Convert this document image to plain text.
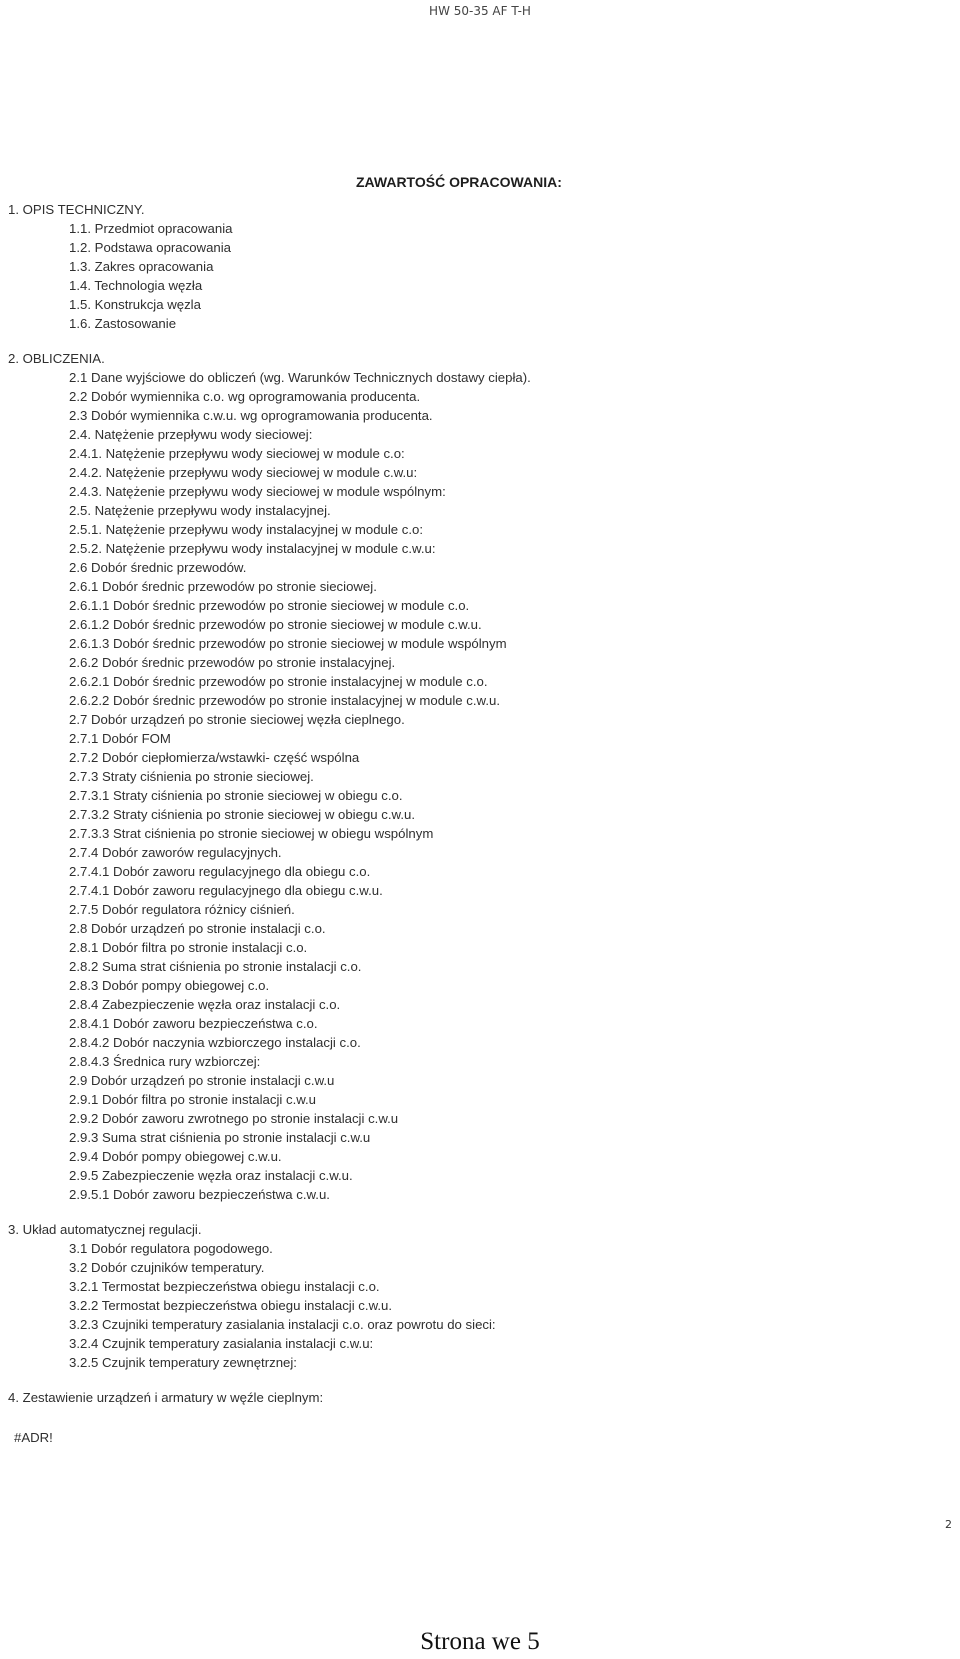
HW 50-35 AF T-H
ZAWARTOŚĆ OPRACOWANIA:
1. OPIS TECHNICZNY.
1.1. Przedmiot opracowania
1.2. Podstawa opracowania
1.3. Zakres opracowania
1.4. Technologia węzła
1.5. Konstrukcja węzla
1.6. Zastosowanie
2. OBLICZENIA.
2.1 Dane wyjściowe do obliczeń (wg. Warunków Technicznych dostawy ciepła).
2.2 Dobór wymiennika c.o. wg oprogramowania producenta.
2.3 Dobór wymiennika c.w.u. wg oprogramowania producenta.
2.4. Natężenie przepływu wody sieciowej:
2.4.1. Natężenie przepływu wody sieciowej w module c.o:
2.4.2. Natężenie przepływu wody sieciowej w module c.w.u:
2.4.3. Natężenie przepływu wody sieciowej w module wspólnym:
2.5. Natężenie przepływu wody instalacyjnej.
2.5.1. Natężenie przepływu wody instalacyjnej w module c.o:
2.5.2. Natężenie przepływu wody instalacyjnej w module c.w.u:
2.6 Dobór średnic przewodów.
2.6.1 Dobór średnic przewodów po stronie sieciowej.
2.6.1.1 Dobór średnic przewodów po stronie sieciowej w module c.o.
2.6.1.2 Dobór średnic przewodów po stronie sieciowej w module c.w.u.
2.6.1.3 Dobór średnic przewodów po stronie sieciowej w module wspólnym
2.6.2 Dobór średnic przewodów po stronie instalacyjnej.
2.6.2.1 Dobór średnic przewodów po stronie instalacyjnej w module c.o.
2.6.2.2 Dobór średnic przewodów po stronie instalacyjnej w module c.w.u.
2.7 Dobór urządzeń po stronie sieciowej węzła cieplnego.
2.7.1 Dobór FOM
2.7.2 Dobór ciepłomierza/wstawki- część wspólna
2.7.3 Straty ciśnienia po stronie sieciowej.
2.7.3.1 Straty ciśnienia po stronie sieciowej w obiegu c.o.
2.7.3.2 Straty ciśnienia po stronie sieciowej w obiegu c.w.u.
2.7.3.3 Strat ciśnienia po stronie sieciowej w obiegu wspólnym
2.7.4 Dobór zaworów regulacyjnych.
2.7.4.1 Dobór zaworu regulacyjnego dla obiegu c.o.
2.7.4.1 Dobór zaworu regulacyjnego dla obiegu c.w.u.
2.7.5 Dobór regulatora różnicy ciśnień.
2.8 Dobór urządzeń po stronie instalacji c.o.
2.8.1 Dobór filtra po stronie instalacji c.o.
2.8.2 Suma strat ciśnienia po stronie instalacji c.o.
2.8.3 Dobór pompy obiegowej c.o.
2.8.4 Zabezpieczenie węzła oraz instalacji c.o.
2.8.4.1 Dobór zaworu bezpieczeństwa c.o.
2.8.4.2 Dobór naczynia wzbiorczego instalacji c.o.
2.8.4.3 Średnica rury wzbiorczej:
2.9 Dobór urządzeń po stronie instalacji c.w.u
2.9.1 Dobór filtra po stronie instalacji c.w.u
2.9.2 Dobór zaworu zwrotnego po stronie instalacji c.w.u
2.9.3 Suma strat ciśnienia po stronie instalacji c.w.u
2.9.4 Dobór pompy obiegowej c.w.u.
2.9.5 Zabezpieczenie węzła oraz instalacji c.w.u.
2.9.5.1 Dobór zaworu bezpieczeństwa c.w.u.
3. Układ automatycznej regulacji.
3.1 Dobór regulatora pogodowego.
3.2 Dobór czujników temperatury.
3.2.1 Termostat bezpieczeństwa obiegu instalacji c.o.
3.2.2 Termostat bezpieczeństwa obiegu instalacji c.w.u.
3.2.3 Czujniki temperatury zasialania instalacji c.o. oraz powrotu do sieci:
3.2.4 Czujnik temperatury zasialania instalacji c.w.u:
3.2.5 Czujnik temperatury zewnętrznej:
4. Zestawienie urządzeń i armatury w węźle cieplnym:
#ADR!
2
Strona we 5
